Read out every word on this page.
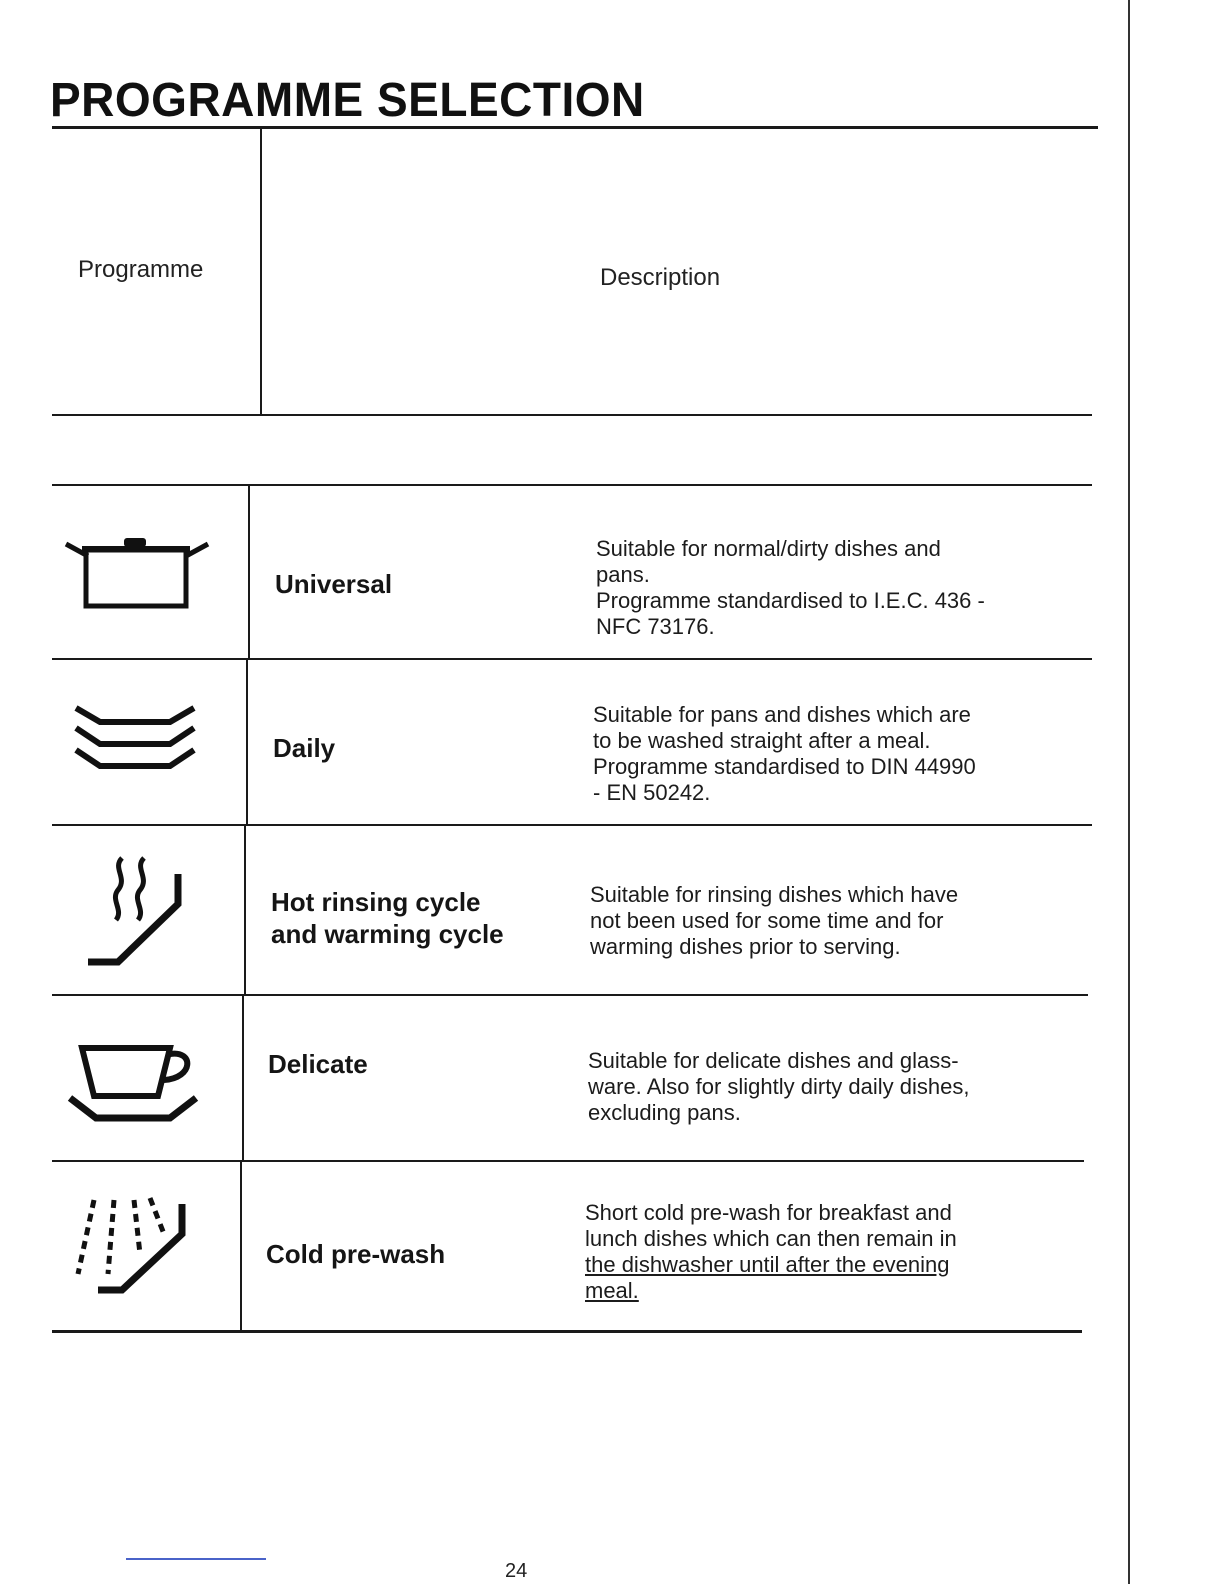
PROGRAMME SELECTION
Programme	Description
Universal
Suitable for normal/dirty dishes and
pans.
Programme standardised to I.E.C. 436 -
NFC 73176.
Daily
Suitable for pans and dishes which are
to be washed straight after a meal.
Programme standardised to DIN 44990
- EN 50242.
Hot rinsing cycle
and warming cycle
Suitable for rinsing dishes which have
not been used for some time and for
warming dishes prior to serving.
Delicate	Suitable for delicate dishes and glass-
ware. Also for slightly dirty daily dishes,
excluding pans.
Cold pre-wash
Short cold pre-wash for breakfast and
lunch dishes which can then remain in
the dishwasher until after the evening
meal.
24
